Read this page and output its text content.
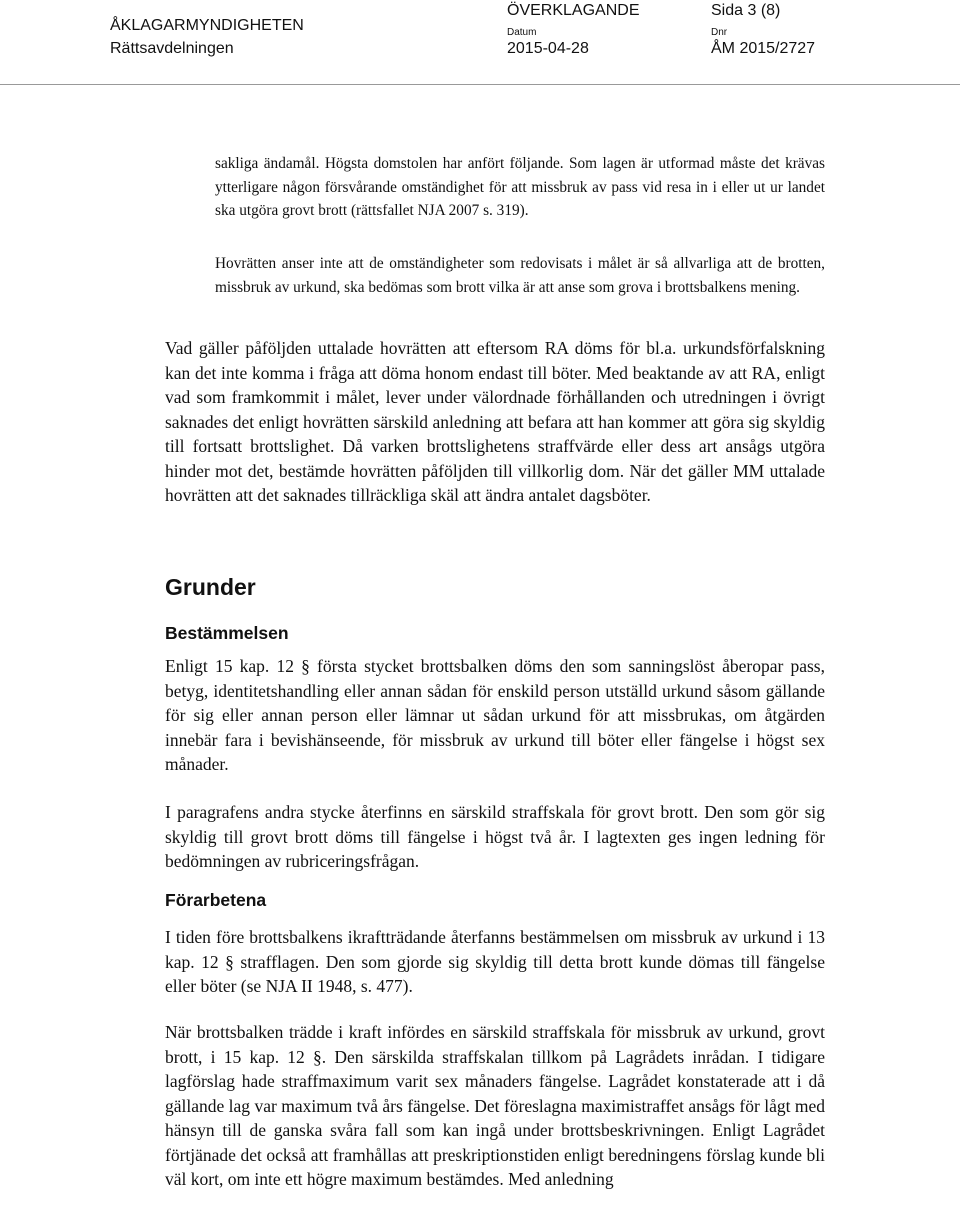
ÅKLAGARMYNDIGHETEN
Rättsavdelningen
ÖVERKLAGANDE
Datum
2015-04-28
Dnr
ÅM 2015/2727
Sida 3 (8)

sakliga ändamål. Högsta domstolen har anfört följande. Som lagen är utformad måste det krävas ytterligare någon försvårande omständighet för att missbruk av pass vid resa in i eller ut ur landet ska utgöra grovt brott (rättsfallet NJA 2007 s. 319).

Hovrätten anser inte att de omständigheter som redovisats i målet är så allvarliga att de brotten, missbruk av urkund, ska bedömas som brott vilka är att anse som grova i brottsbalkens mening.

Vad gäller påföljden uttalade hovrätten att eftersom RA döms för bl.a. urkundsförfalskning kan det inte komma i fråga att döma honom endast till böter. Med beaktande av att RA, enligt vad som framkommit i målet, lever under välordnade förhållanden och utredningen i övrigt saknades det enligt hovrätten särskild anledning att befara att han kommer att göra sig skyldig till fortsatt brottslighet. Då varken brottslighetens straffvärde eller dess art ansågs utgöra hinder mot det, bestämde hovrätten påföljden till villkorlig dom. När det gäller MM uttalade hovrätten att det saknades tillräckliga skäl att ändra antalet dagsböter.

Grunder
Bestämmelsen

Enligt 15 kap. 12 § första stycket brottsbalken döms den som sanningslöst åberopar pass, betyg, identitetshandling eller annan sådan för enskild person utställd urkund såsom gällande för sig eller annan person eller lämnar ut sådan urkund för att missbrukas, om åtgärden innebär fara i bevishänseende, för missbruk av urkund till böter eller fängelse i högst sex månader.

I paragrafens andra stycke återfinns en särskild straffskala för grovt brott. Den som gör sig skyldig till grovt brott döms till fängelse i högst två år. I lagtexten ges ingen ledning för bedömningen av rubriceringsfrågan.

Förarbetena

I tiden före brottsbalkens ikraftträdande återfanns bestämmelsen om missbruk av urkund i 13 kap. 12 § strafflagen. Den som gjorde sig skyldig till detta brott kunde dömas till fängelse eller böter (se NJA II 1948, s. 477).

När brottsbalken trädde i kraft infördes en särskild straffskala för missbruk av urkund, grovt brott, i 15 kap. 12 §. Den särskilda straffskalan tillkom på Lagrådets inrådan. I tidigare lagförslag hade straffmaximum varit sex månaders fängelse. Lagrådet konstaterade att i då gällande lag var maximum två års fängelse. Det föreslagna maximistraffet ansågs för lågt med hänsyn till de ganska svåra fall som kan ingå under brottsbeskrivningen. Enligt Lagrådet förtjänade det också att framhållas att preskriptionstiden enligt beredningens förslag kunde bli väl kort, om inte ett högre maximum bestämdes. Med anledning
